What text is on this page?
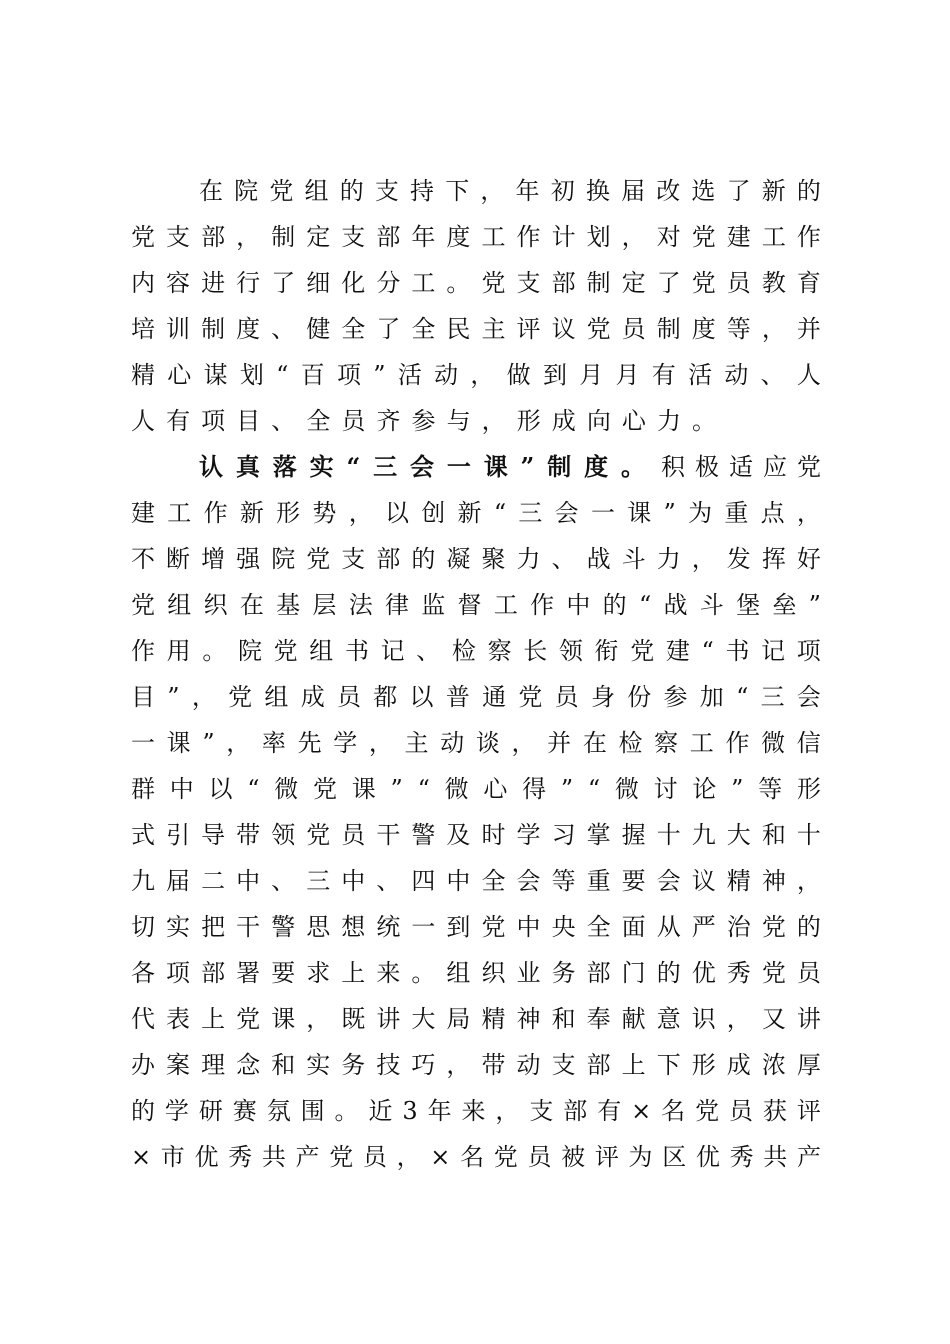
在 院 党 组 的 支 持 下 ， 年 初 换 届 改 选 了 新 的
党 支 部 ， 制 定 支 部 年 度 工 作 计 划 ， 对 党 建 工 作
内 容 进 行 了 细 化 分 工 。 党 支 部 制 定 了 党 员 教 育
培 训 制 度 、 健 全 了 全 民 主 评 议 党 员 制 度 等 ， 并
精 心 谋 划 “ 百 项 ” 活 动 ， 做 到 月 月 有 活 动 、 人
人 有 项 目 、 全 员 齐 参 与 ， 形 成 向 心 力 。
认 真 落 实 “ 三 会 一 课 ” 制 度 。 积 极 适 应 党
建 工 作 新 形 势 ， 以 创 新 “ 三 会 一 课 ” 为 重 点 ，
不 断 增 强 院 党 支 部 的 凝 聚 力 、 战 斗 力 ， 发 挥 好
党 组 织 在 基 层 法 律 监 督 工 作 中 的 “ 战 斗 堡 垒 ”
作 用 。 院 党 组 书 记 、 检 察 长 领 衔 党 建 “ 书 记 项
目 ” ， 党 组 成 员 都 以 普 通 党 员 身 份 参 加 “ 三 会
一 课 ” ， 率 先 学 ， 主 动 谈 ， 并 在 检 察 工 作 微 信
群 中 以 “ 微 党 课 ” “ 微 心 得 ” “ 微 讨 论 ” 等 形
式 引 导 带 领 党 员 干 警 及 时 学 习 掌 握 十 九 大 和 十
九 届 二 中 、 三 中 、 四 中 全 会 等 重 要 会 议 精 神 ，
切 实 把 干 警 思 想 统 一 到 党 中 央 全 面 从 严 治 党 的
各 项 部 署 要 求 上 来 。 组 织 业 务 部 门 的 优 秀 党 员
代 表 上 党 课 ， 既 讲 大 局 精 神 和 奉 献 意 识 ， 又 讲
办 案 理 念 和 实 务 技 巧 ， 带 动 支 部 上 下 形 成 浓 厚
的 学 研 赛 氛 围 。 近 3 年 来 ， 支 部 有 × 名 党 员 获 评
× 市 优 秀 共 产 党 员 ， × 名 党 员 被 评 为 区 优 秀 共 产
